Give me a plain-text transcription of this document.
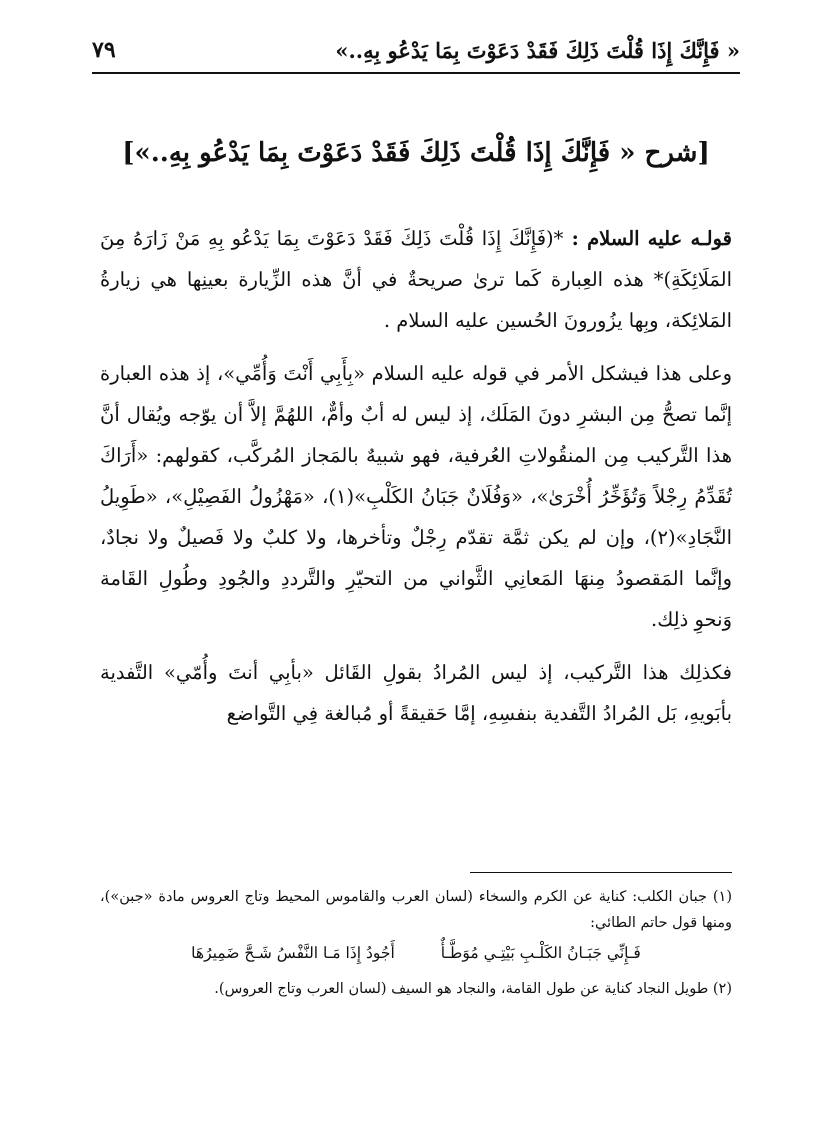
« فَإِنَّكَ إِذَا قُلْتَ ذَلِكَ فَقَدْ دَعَوْتَ بِمَا يَدْعُو بِهِ..»
٧٩
[شرح « فَإِنَّكَ إِذَا قُلْتَ ذَلِكَ فَقَدْ دَعَوْتَ بِمَا يَدْعُو بِهِ..»]

قولـه عليه السلام : *(فَإِنَّكَ إِذَا قُلْتَ ذَلِكَ فَقَدْ دَعَوْتَ بِمَا يَدْعُو بِهِ مَنْ زَارَهُ مِنَ المَلَائِكَةِ)* هذه العِبارة كَما ترىٰ صريحةٌ في أنَّ هذه الزِّيارة بعينِها هي زيارةُ المَلائِكة، وبِها يزُورونَ الحُسين عليه السلام .

وعلى هذا فيشكل الأمر في قوله عليه السلام «بِأَبِي أَنْتَ وَأُمِّي»، إذ هذه العبارة إنَّما تصحُّ مِن البشرِ دونَ المَلَك، إذ ليس له أبٌ وأمٌّ، اللهُمَّ إلاَّ أن يوّجه ويُقال أنَّ هذا التَّركيب مِن المنقُولاتِ العُرفية، فهو شبيهٌ بالمَجاز المُركَّب، كقولهم: «أَرَاكَ تُقَدِّمُ رِجْلاً وَتُؤَخِّرُ أُخْرَىٰ»، «وَفُلَانٌ جَبَانُ الكَلْبِ»(١)، «مَهْزُولُ الفَصِيْلِ»، «طَوِيلُ النَّجَادِ»(٢)، وإن لم يكن ثمَّة تقدّم رِجْلٌ وتأخرها، ولا كلبٌ ولا فَصيلٌ ولا نجادٌ، وإنَّما المَقصودُ مِنهَا المَعانِي الثَّواني من التحيّرِ والتَّرددِ والجُودِ وطُولِ القَامة وَنحوِ ذلِك.

فكذلِك هذا التَّركيب، إذ ليس المُرادُ بقولِ القَائل «بأبِي أنتَ وأُمّي» التَّفدية بأبَويهِ، بَل المُرادُ التَّفدية بنفسِهِ، إمَّا حَقيقةً أو مُبالغة فِي التَّواضع

(١) جبان الكلب: كناية عن الكرم والسخاء (لسان العرب والقاموس المحيط وتاج العروس مادة «جبن»)، ومنها قول حاتم الطائي:

فَـإِنِّي جَبَـانُ الكَلْـبِ بَيْتِـي مُوَطَّـأٌ
أَجُودُ إِذَا مَـا النَّفْسُ شَـحَّ ضَمِيرُهَا

(٢) طويل النجاد كناية عن طول القامة، والنجاد هو السيف (لسان العرب وتاج العروس).
